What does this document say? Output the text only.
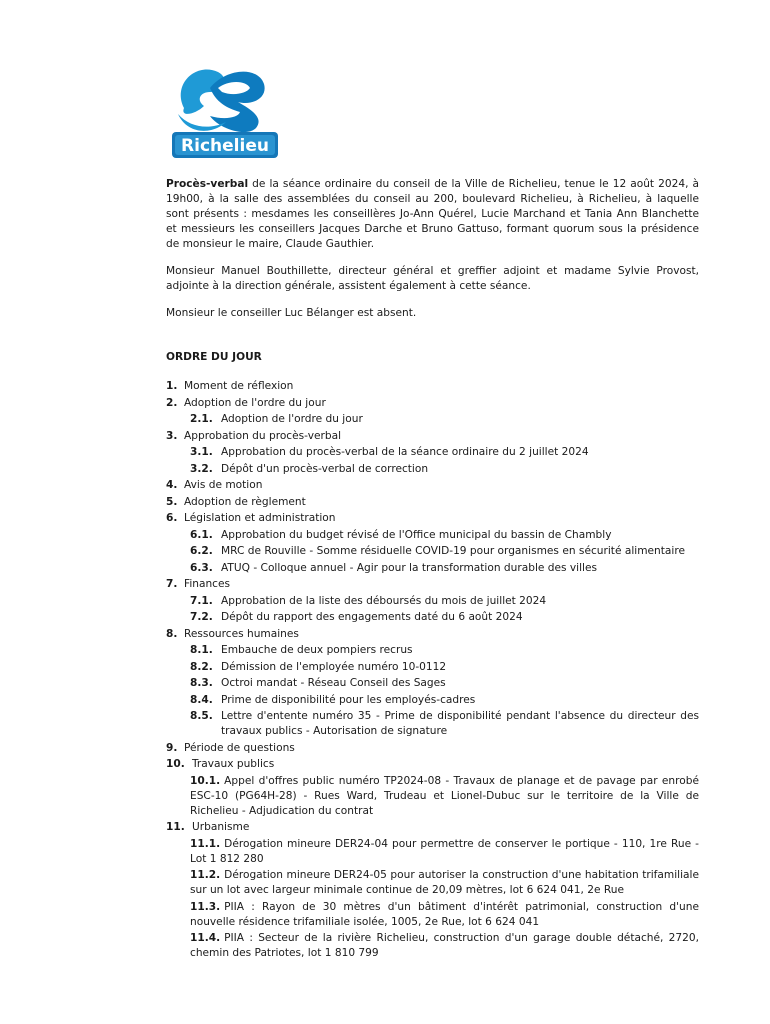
Richelieu

Procès-verbal de la séance ordinaire du conseil de la Ville de Richelieu, tenue le 12 août 2024, à 19h00, à la salle des assemblées du conseil au 200, boulevard Richelieu, à Richelieu, à laquelle sont présents : mesdames les conseillères Jo-Ann Quérel, Lucie Marchand et Tania Ann Blanchette et messieurs les conseillers Jacques Darche et Bruno Gattuso, formant quorum sous la présidence de monsieur le maire, Claude Gauthier.

Monsieur Manuel Bouthillette, directeur général et greffier adjoint et madame Sylvie Provost, adjointe à la direction générale, assistent également à cette séance.

Monsieur le conseiller Luc Bélanger est absent.

ORDRE DU JOUR
1. Moment de réflexion
2. Adoption de l'ordre du jour
2.1. Adoption de l'ordre du jour
3. Approbation du procès-verbal
3.1. Approbation du procès-verbal de la séance ordinaire du 2 juillet 2024
3.2. Dépôt d'un procès-verbal de correction
4. Avis de motion
5. Adoption de règlement
6. Législation et administration
6.1. Approbation du budget révisé de l'Office municipal du bassin de Chambly
6.2. MRC de Rouville - Somme résiduelle COVID-19 pour organismes en sécurité alimentaire
6.3. ATUQ - Colloque annuel - Agir pour la transformation durable des villes
7. Finances
7.1. Approbation de la liste des déboursés du mois de juillet 2024
7.2. Dépôt du rapport des engagements daté du 6 août 2024
8. Ressources humaines
8.1. Embauche de deux pompiers recrus
8.2. Démission de l'employée numéro 10-0112
8.3. Octroi mandat - Réseau Conseil des Sages
8.4. Prime de disponibilité pour les employés-cadres
8.5. Lettre d'entente numéro 35 - Prime de disponibilité pendant l'absence du directeur des travaux publics - Autorisation de signature
9. Période de questions
10. Travaux publics
10.1. Appel d'offres public numéro TP2024-08 - Travaux de planage et de pavage par enrobé ESC-10 (PG64H-28) - Rues Ward, Trudeau et Lionel-Dubuc sur le territoire de la Ville de Richelieu - Adjudication du contrat
11. Urbanisme
11.1. Dérogation mineure DER24-04 pour permettre de conserver le portique - 110, 1re Rue - Lot 1 812 280
11.2. Dérogation mineure DER24-05 pour autoriser la construction d'une habitation trifamiliale sur un lot avec largeur minimale continue de 20,09 mètres, lot 6 624 041, 2e Rue
11.3. PIIA : Rayon de 30 mètres d'un bâtiment d'intérêt patrimonial, construction d'une nouvelle résidence trifamiliale isolée, 1005, 2e Rue, lot 6 624 041
11.4. PIIA : Secteur de la rivière Richelieu, construction d'un garage double détaché, 2720, chemin des Patriotes, lot 1 810 799
